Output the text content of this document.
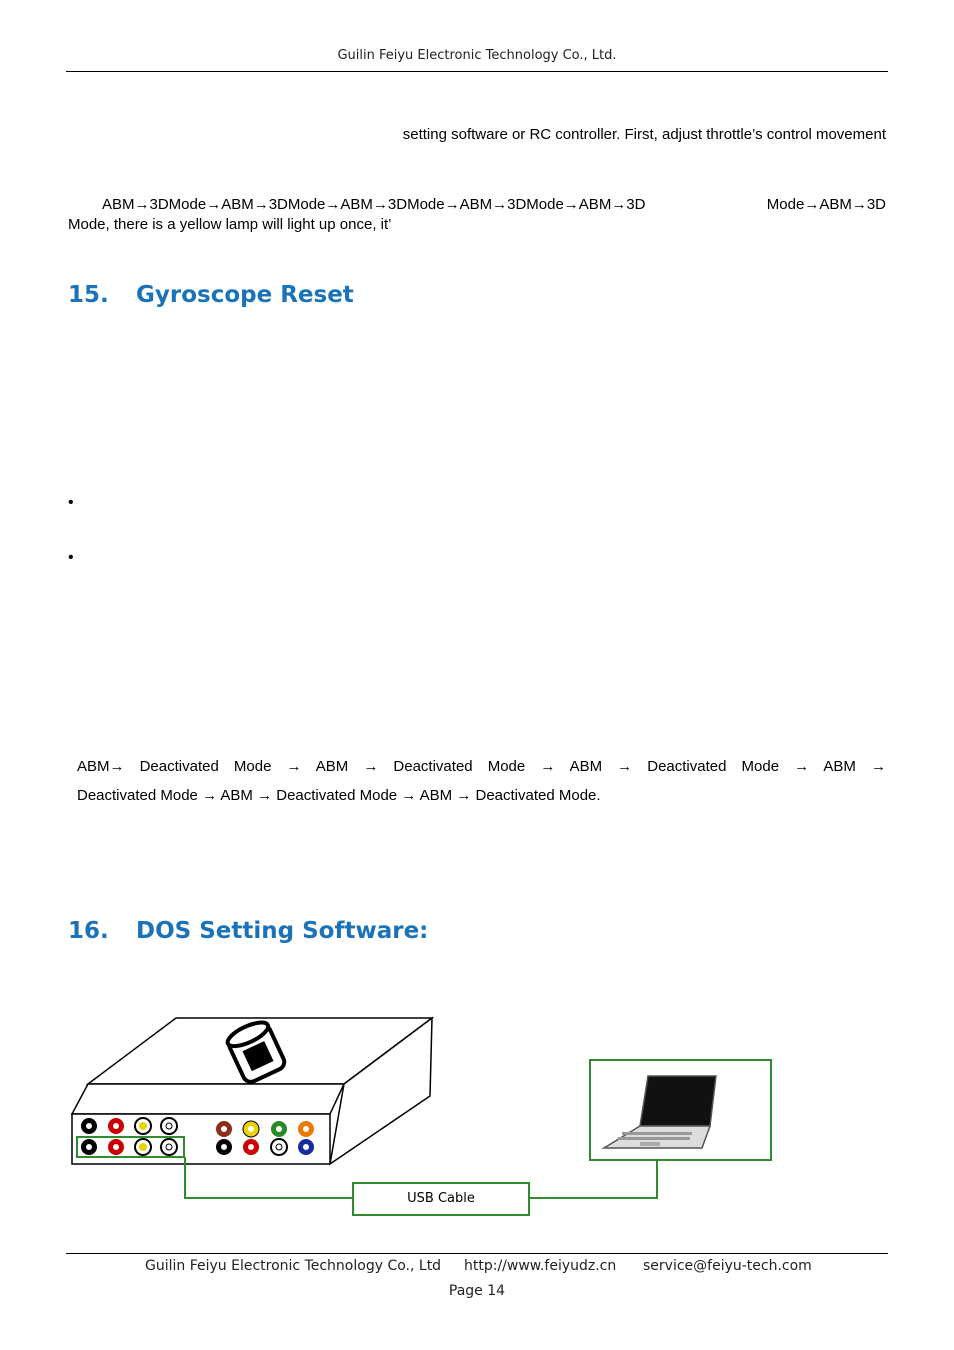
Guilin Feiyu Electronic Technology Co., Ltd.
setting software or RC controller. First, adjust throttle’s control movement
ABM→3DMode→ABM→3DMode→ABM→3DMode→ABM→3DMode→ABM→3D	Mode→ABM→3D
Mode, there is a yellow lamp will light up once, it’
15. Gyroscope Reset
•
•
ABM→ Deactivated Mode → ABM → Deactivated Mode → ABM → Deactivated Mode → ABM →
Deactivated Mode → ABM → Deactivated Mode → ABM → Deactivated Mode.
16. DOS Setting Software:
USB Cable
Guilin Feiyu Electronic Technology Co., Ltd http://www.feiyudz.cn service@feiyu-tech.com
Page 14
